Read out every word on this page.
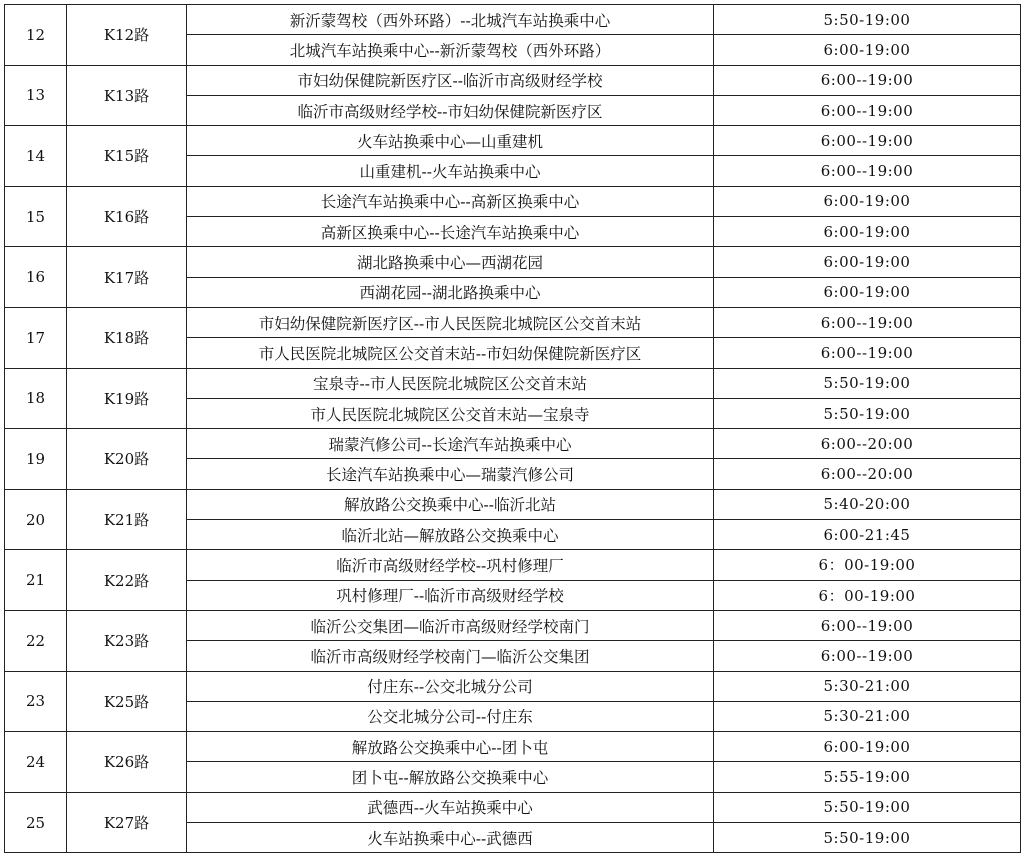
12	K12路	新沂蒙驾校（西外环路）--北城汽车站换乘中心	5:50-19:00
		北城汽车站换乘中心--新沂蒙驾校（西外环路）	6:00-19:00
13	K13路	市妇幼保健院新医疗区--临沂市高级财经学校	6:00--19:00
		临沂市高级财经学校--市妇幼保健院新医疗区	6:00--19:00
14	K15路	火车站换乘中心—山重建机	6:00--19:00
		山重建机--火车站换乘中心	6:00--19:00
15	K16路	长途汽车站换乘中心--高新区换乘中心	6:00-19:00
		高新区换乘中心--长途汽车站换乘中心	6:00-19:00
16	K17路	湖北路换乘中心—西湖花园	6:00-19:00
		西湖花园--湖北路换乘中心	6:00-19:00
17	K18路	市妇幼保健院新医疗区--市人民医院北城院区公交首末站	6:00--19:00
		市人民医院北城院区公交首末站--市妇幼保健院新医疗区	6:00--19:00
18	K19路	宝泉寺--市人民医院北城院区公交首末站	5:50-19:00
		市人民医院北城院区公交首末站—宝泉寺	5:50-19:00
19	K20路	瑞蒙汽修公司--长途汽车站换乘中心	6:00--20:00
		长途汽车站换乘中心—瑞蒙汽修公司	6:00--20:00
20	K21路	解放路公交换乘中心--临沂北站	5:40-20:00
		临沂北站—解放路公交换乘中心	6:00-21:45
21	K22路	临沂市高级财经学校--巩村修理厂	6：00-19:00
		巩村修理厂--临沂市高级财经学校	6：00-19:00
22	K23路	临沂公交集团—临沂市高级财经学校南门	6:00--19:00
		临沂市高级财经学校南门—临沂公交集团	6:00--19:00
23	K25路	付庄东--公交北城分公司	5:30-21:00
		公交北城分公司--付庄东	5:30-21:00
24	K26路	解放路公交换乘中心--团卜屯	6:00-19:00
		团卜屯--解放路公交换乘中心	5:55-19:00
25	K27路	武德西--火车站换乘中心	5:50-19:00
		火车站换乘中心--武德西	5:50-19:00
